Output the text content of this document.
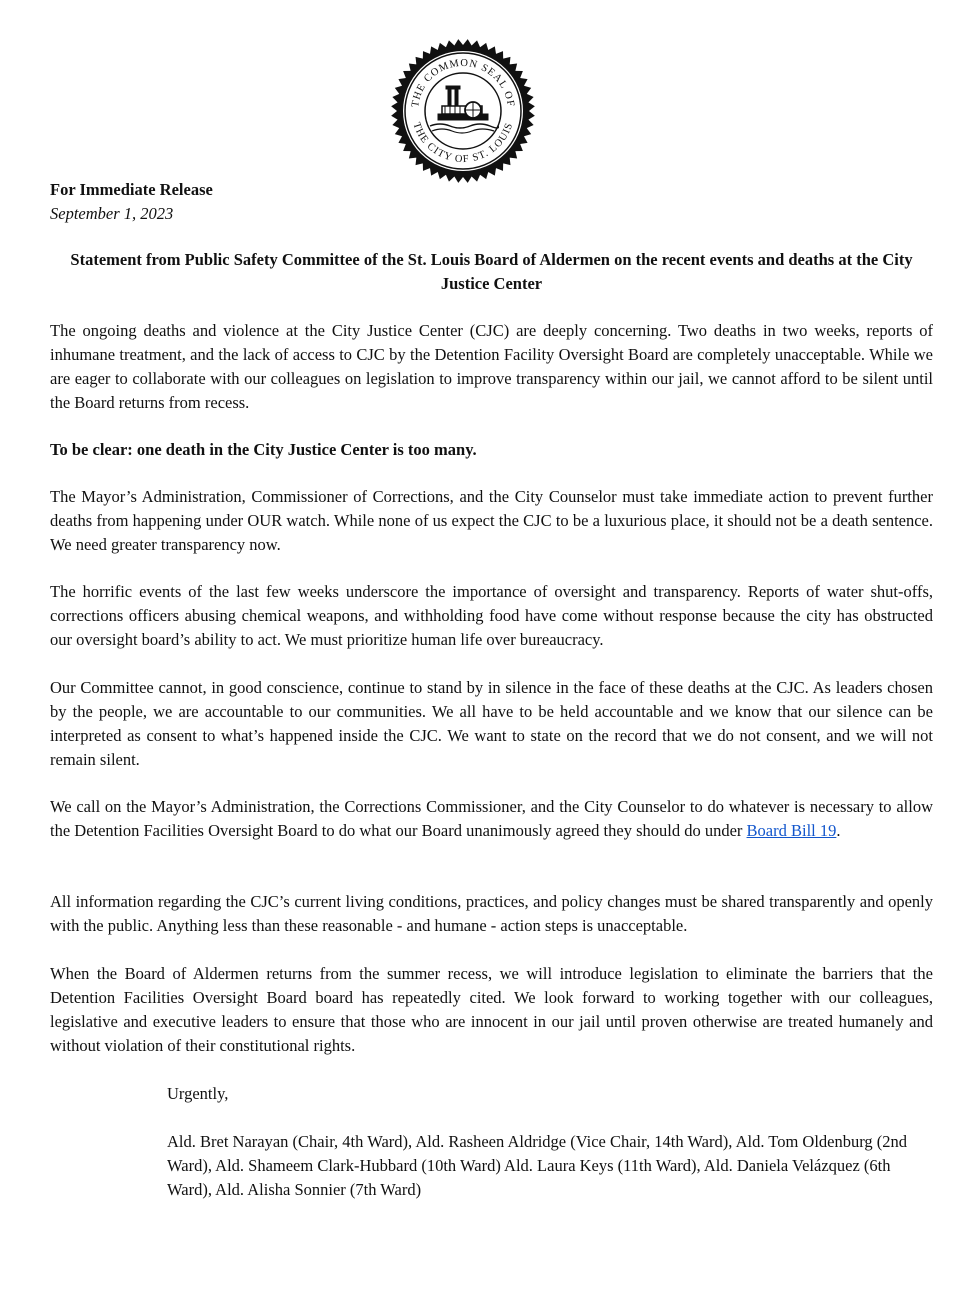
THE COMMON SEAL OF
THE CITY OF ST. LOUIS
For Immediate Release
September 1, 2023
Statement from Public Safety Committee of the St. Louis Board of Aldermen on the recent events and deaths at the City Justice Center

The ongoing deaths and violence at the City Justice Center (CJC) are deeply concerning. Two deaths in two weeks, reports of inhumane treatment, and the lack of access to CJC by the Detention Facility Oversight Board are completely unacceptable. While we are eager to collaborate with our colleagues on legislation to improve transparency within our jail, we cannot afford to be silent until the Board returns from recess.

To be clear: one death in the City Justice Center is too many.

The Mayor’s Administration, Commissioner of Corrections, and the City Counselor must take immediate action to prevent further deaths from happening under OUR watch. While none of us expect the CJC to be a luxurious place, it should not be a death sentence. We need greater transparency now.

The horrific events of the last few weeks underscore the importance of oversight and transparency. Reports of water shut-offs, corrections officers abusing chemical weapons, and withholding food have come without response because the city has obstructed our oversight board’s ability to act. We must prioritize human life over bureaucracy.

Our Committee cannot, in good conscience, continue to stand by in silence in the face of these deaths at the CJC. As leaders chosen by the people, we are accountable to our communities. We all have to be held accountable and we know that our silence can be interpreted as consent to what’s happened inside the CJC. We want to state on the record that we do not consent, and we will not remain silent.

We call on the Mayor’s Administration, the Corrections Commissioner, and the City Counselor to do whatever is necessary to allow the Detention Facilities Oversight Board to do what our Board unanimously agreed they should do under Board Bill 19.

All information regarding the CJC’s current living conditions, practices, and policy changes must be shared transparently and openly with the public. Anything less than these reasonable - and humane - action steps is unacceptable.

When the Board of Aldermen returns from the summer recess, we will introduce legislation to eliminate the barriers that the Detention Facilities Oversight Board board has repeatedly cited. We look forward to working together with our colleagues, legislative and executive leaders to ensure that those who are innocent in our jail until proven otherwise are treated humanely and without violation of their constitutional rights.

Urgently,

Ald. Bret Narayan (Chair, 4th Ward), Ald. Rasheen Aldridge (Vice Chair, 14th Ward), Ald. Tom Oldenburg (2nd Ward), Ald. Shameem Clark-Hubbard (10th Ward) Ald. Laura Keys (11th Ward), Ald. Daniela Velázquez (6th Ward), Ald. Alisha Sonnier (7th Ward)
